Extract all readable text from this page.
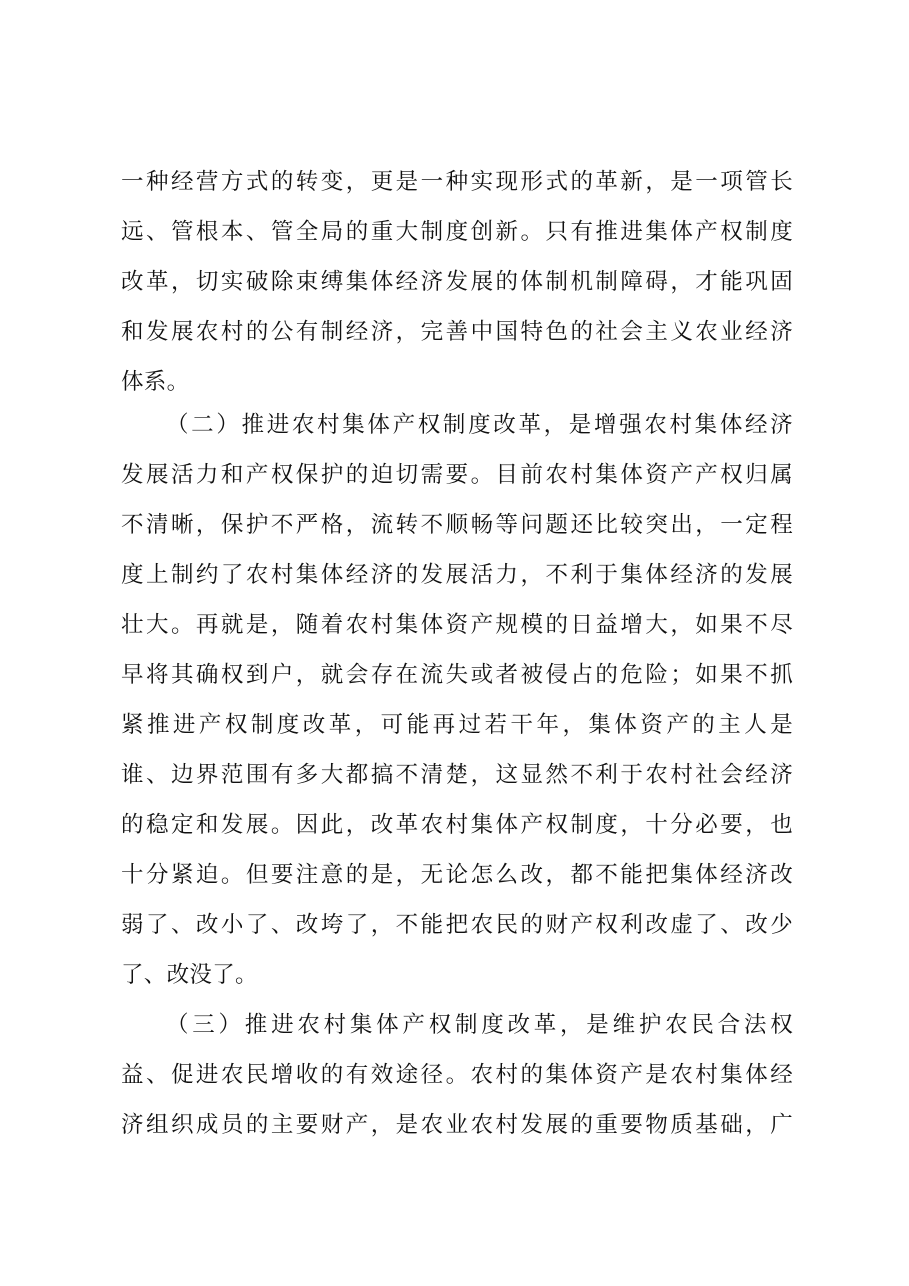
一种经营方式的转变，更是一种实现形式的革新，是一项管长
远、管根本、管全局的重大制度创新。只有推进集体产权制度
改革，切实破除束缚集体经济发展的体制机制障碍，才能巩固
和发展农村的公有制经济，完善中国特色的社会主义农业经济
体系。
（二）推进农村集体产权制度改革，是增强农村集体经济
发展活力和产权保护的迫切需要。目前农村集体资产产权归属
不清晰，保护不严格，流转不顺畅等问题还比较突出，一定程
度上制约了农村集体经济的发展活力，不利于集体经济的发展
壮大。再就是，随着农村集体资产规模的日益增大，如果不尽
早将其确权到户，就会存在流失或者被侵占的危险；如果不抓
紧推进产权制度改革，可能再过若干年，集体资产的主人是
谁、边界范围有多大都搞不清楚，这显然不利于农村社会经济
的稳定和发展。因此，改革农村集体产权制度，十分必要，也
十分紧迫。但要注意的是，无论怎么改，都不能把集体经济改
弱了、改小了、改垮了，不能把农民的财产权利改虚了、改少
了、改没了。
（三）推进农村集体产权制度改革，是维护农民合法权
益、促进农民增收的有效途径。农村的集体资产是农村集体经
济组织成员的主要财产，是农业农村发展的重要物质基础，广
